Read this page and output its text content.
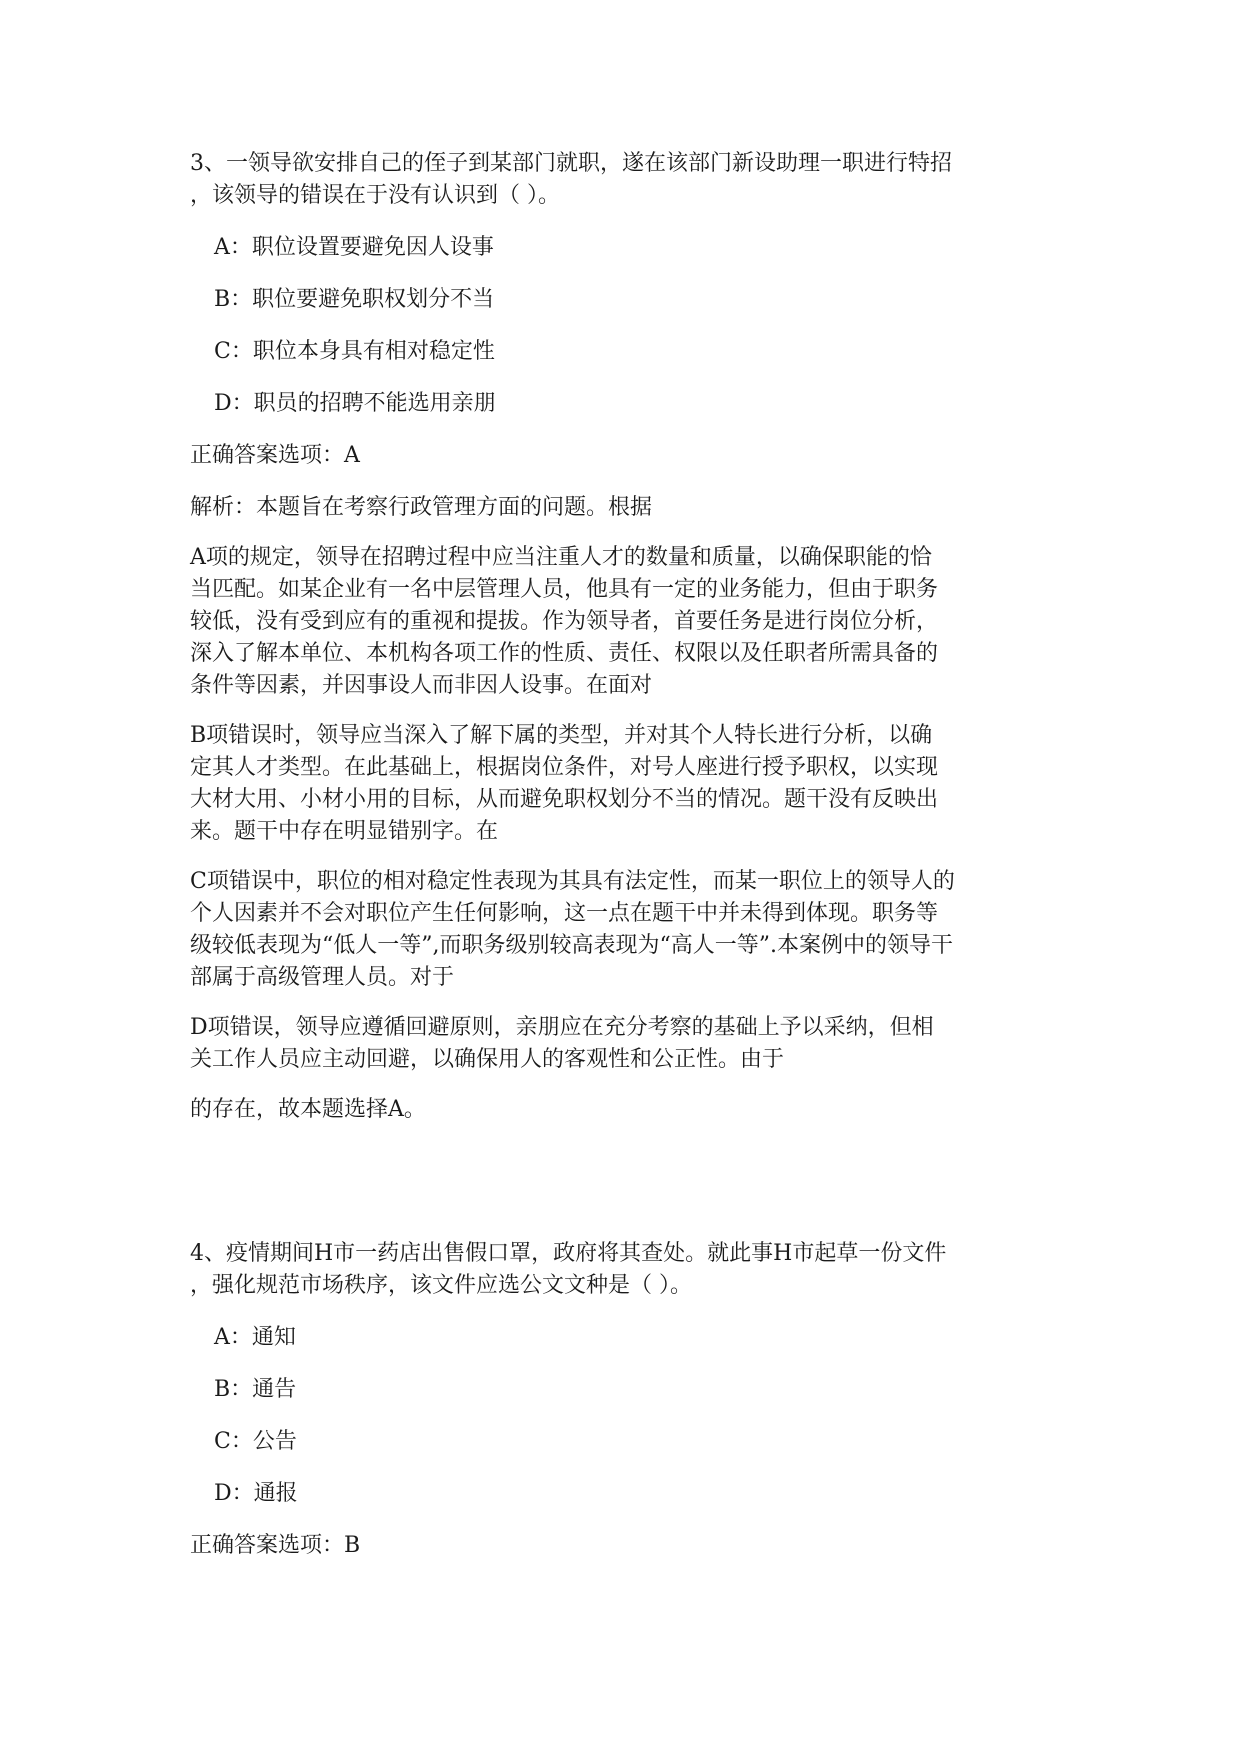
3、一领导欲安排自己的侄子到某部门就职，遂在该部门新设助理一职进行特招
，该领导的错误在于没有认识到（ ）。

A：职位设置要避免因人设事
B：职位要避免职权划分不当
C：职位本身具有相对稳定性
D：职员的招聘不能选用亲朋

正确答案选项：A

解析：本题旨在考察行政管理方面的问题。根据

A项的规定，领导在招聘过程中应当注重人才的数量和质量，以确保职能的恰
当匹配。如某企业有一名中层管理人员，他具有一定的业务能力，但由于职务
较低，没有受到应有的重视和提拔。作为领导者，首要任务是进行岗位分析，
深入了解本单位、本机构各项工作的性质、责任、权限以及任职者所需具备的
条件等因素，并因事设人而非因人设事。在面对

B项错误时，领导应当深入了解下属的类型，并对其个人特长进行分析，以确
定其人才类型。在此基础上，根据岗位条件，对号人座进行授予职权，以实现
大材大用、小材小用的目标，从而避免职权划分不当的情况。题干没有反映出
来。题干中存在明显错别字。在

C项错误中，职位的相对稳定性表现为其具有法定性，而某一职位上的领导人的
个人因素并不会对职位产生任何影响，这一点在题干中并未得到体现。职务等
级较低表现为“低人一等”,而职务级别较高表现为“高人一等”.本案例中的领导干
部属于高级管理人员。对于

D项错误，领导应遵循回避原则，亲朋应在充分考察的基础上予以采纳，但相
关工作人员应主动回避，以确保用人的客观性和公正性。由于

的存在，故本题选择A。

4、疫情期间H市一药店出售假口罩，政府将其查处。就此事H市起草一份文件
，强化规范市场秩序，该文件应选公文文种是（ ）。

A：通知
B：通告
C：公告
D：通报

正确答案选项：B
